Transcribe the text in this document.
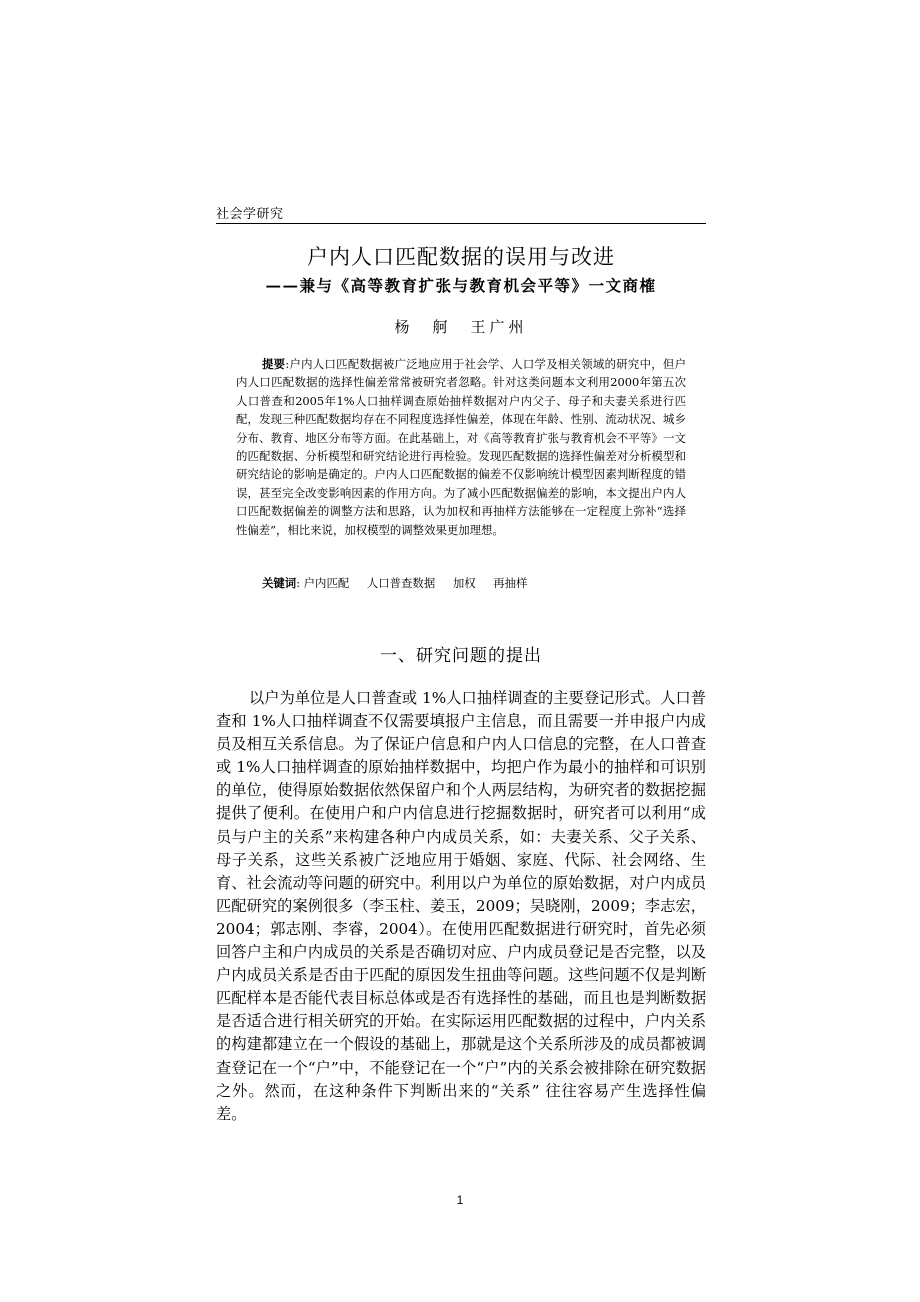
社会学研究
户内人口匹配数据的误用与改进
——兼与《高等教育扩张与教育机会平等》一文商榷
杨　舸　王广州

提要:户内人口匹配数据被广泛地应用于社会学、人口学及相关领域的研究中，但户内人口匹配数据的选择性偏差常常被研究者忽略。针对这类问题本文利用2000年第五次人口普查和2005年1%人口抽样调查原始抽样数据对户内父子、母子和夫妻关系进行匹配，发现三种匹配数据均存在不同程度选择性偏差，体现在年龄、性别、流动状况、城乡分布、教育、地区分布等方面。在此基础上，对《高等教育扩张与教育机会不平等》一文的匹配数据、分析模型和研究结论进行再检验。发现匹配数据的选择性偏差对分析模型和研究结论的影响是确定的。户内人口匹配数据的偏差不仅影响统计模型因素判断程度的错误，甚至完全改变影响因素的作用方向。为了减小匹配数据偏差的影响，本文提出户内人口匹配数据偏差的调整方法和思路，认为加权和再抽样方法能够在一定程度上弥补“选择性偏差”，相比来说，加权模型的调整效果更加理想。

关键词: 户内匹配 人口普查数据 加权 再抽样
一、研究问题的提出

以户为单位是人口普查或 1%人口抽样调查的主要登记形式。人口普查和 1%人口抽样调查不仅需要填报户主信息，而且需要一并申报户内成员及相互关系信息。为了保证户信息和户内人口信息的完整，在人口普查或 1%人口抽样调查的原始抽样数据中，均把户作为最小的抽样和可识别的单位，使得原始数据依然保留户和个人两层结构，为研究者的数据挖掘提供了便利。在使用户和户内信息进行挖掘数据时，研究者可以利用“成员与户主的关系”来构建各种户内成员关系，如：夫妻关系、父子关系、母子关系，这些关系被广泛地应用于婚姻、家庭、代际、社会网络、生育、社会流动等问题的研究中。利用以户为单位的原始数据，对户内成员匹配研究的案例很多（李玉柱、姜玉，2009；吴晓刚，2009；李志宏，2004；郭志刚、李睿，2004）。在使用匹配数据进行研究时，首先必须回答户主和户内成员的关系是否确切对应、户内成员登记是否完整，以及户内成员关系是否由于匹配的原因发生扭曲等问题。这些问题不仅是判断匹配样本是否能代表目标总体或是否有选择性的基础，而且也是判断数据是否适合进行相关研究的开始。在实际运用匹配数据的过程中，户内关系的构建都建立在一个假设的基础上，那就是这个关系所涉及的成员都被调查登记在一个“户”中，不能登记在一个“户”内的关系会被排除在研究数据之外。然而，在这种条件下判断出来的“关系” 往往容易产生选择性偏差。

1
